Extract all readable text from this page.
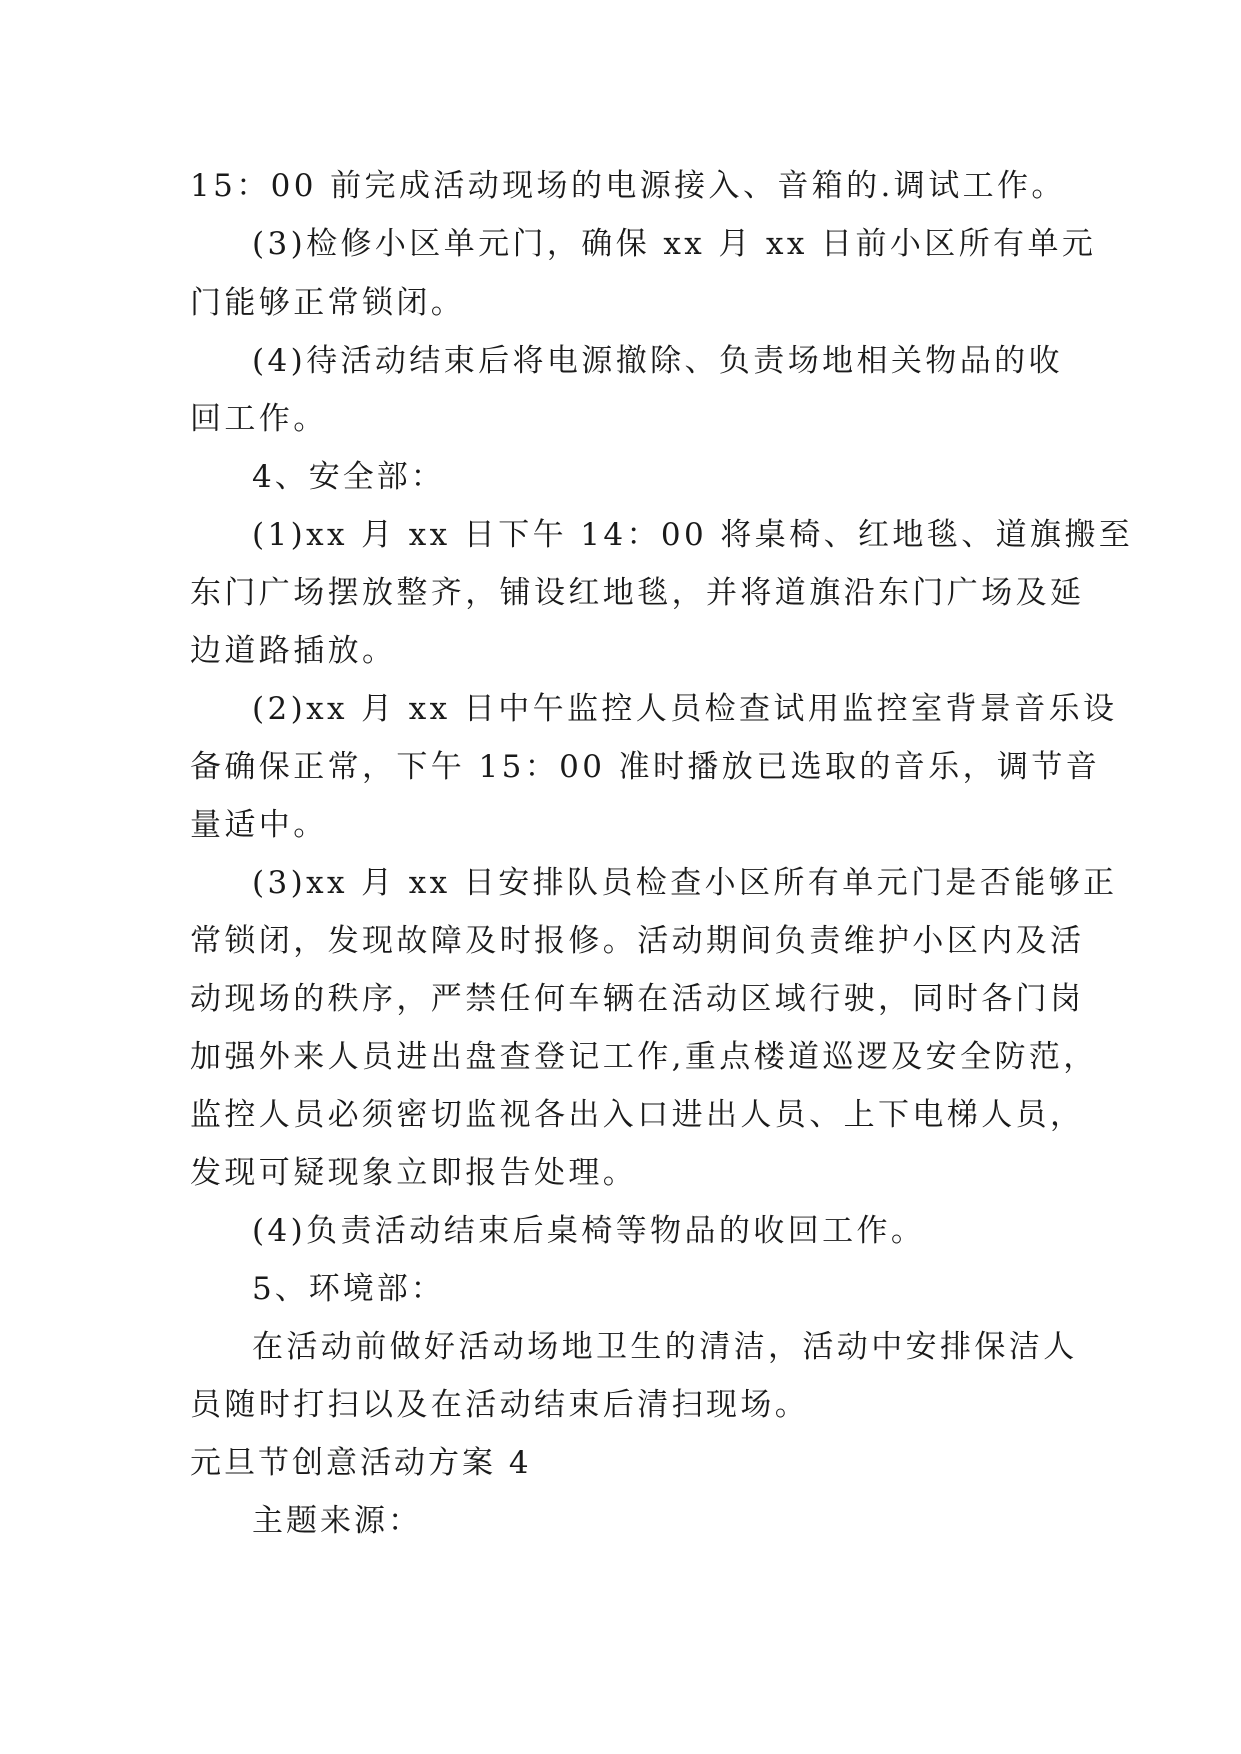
15：00 前完成活动现场的电源接入、音箱的.调试工作。
(3)检修小区单元门，确保 xx 月 xx 日前小区所有单元
门能够正常锁闭。
(4)待活动结束后将电源撤除、负责场地相关物品的收
回工作。
4、安全部：
(1)xx 月 xx 日下午 14：00 将桌椅、红地毯、道旗搬至
东门广场摆放整齐，铺设红地毯，并将道旗沿东门广场及延
边道路插放。
(2)xx 月 xx 日中午监控人员检查试用监控室背景音乐设
备确保正常，下午 15：00 准时播放已选取的音乐，调节音
量适中。
(3)xx 月 xx 日安排队员检查小区所有单元门是否能够正
常锁闭，发现故障及时报修。活动期间负责维护小区内及活
动现场的秩序，严禁任何车辆在活动区域行驶，同时各门岗
加强外来人员进出盘查登记工作,重点楼道巡逻及安全防范，
监控人员必须密切监视各出入口进出人员、上下电梯人员，
发现可疑现象立即报告处理。
(4)负责活动结束后桌椅等物品的收回工作。
5、环境部：
在活动前做好活动场地卫生的清洁，活动中安排保洁人
员随时打扫以及在活动结束后清扫现场。
元旦节创意活动方案 4
主题来源：
